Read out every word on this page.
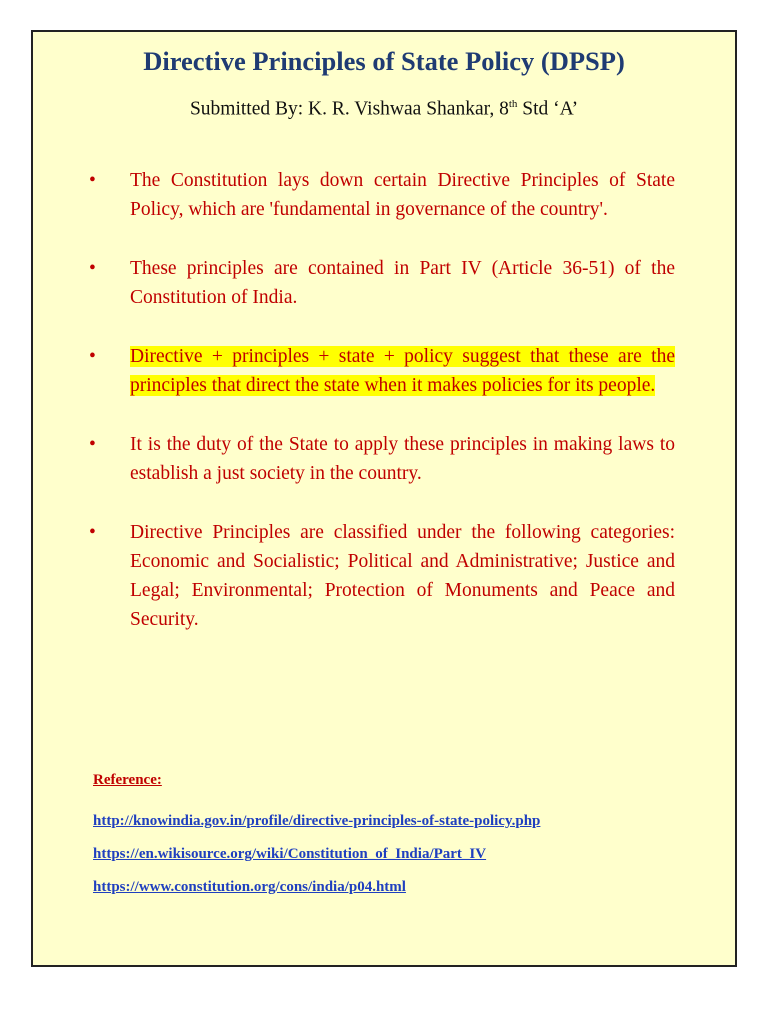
Directive Principles of State Policy (DPSP)
Submitted By: K. R. Vishwaa Shankar, 8th Std ‘A’
• The Constitution lays down certain Directive Principles of State Policy, which are 'fundamental in governance of the country'.
• These principles are contained in Part IV (Article 36-51) of the Constitution of India.
• Directive + principles + state + policy suggest that these are the principles that direct the state when it makes policies for its people.
• It is the duty of the State to apply these principles in making laws to establish a just society in the country.
• Directive Principles are classified under the following categories: Economic and Socialistic; Political and Administrative; Justice and Legal; Environmental; Protection of Monuments and Peace and Security.
Reference:
http://knowindia.gov.in/profile/directive-principles-of-state-policy.php
https://en.wikisource.org/wiki/Constitution_of_India/Part_IV
https://www.constitution.org/cons/india/p04.html
